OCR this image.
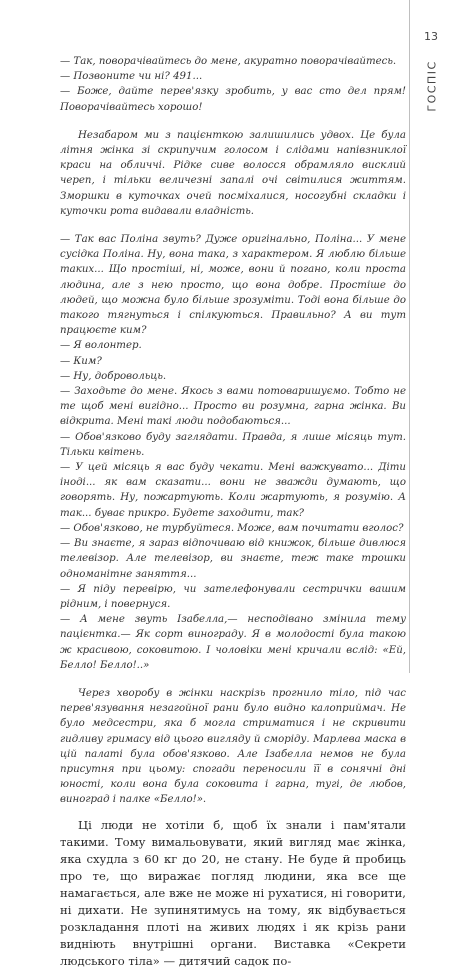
— Так, поворачівайтесь до мене, акуратно поворачівайтесь.

— Позвоните чи ні? 491...

— Боже, дайте перев'язку зробить, у вас сто дел прям! Поворачівайтесь хорошо!

Незабаром ми з пацієнткою залишились удвох. Це була літня жінка зі скрипучим голосом і слідами напівзниклої краси на обличчі. Рідке сиве волосся обрамляло висклий череп, і тільки величезні запалі очі світилися життям. Зморшки в куточках очей посміхалися, носогубні складки і куточки рота видавали владність.

— Так вас Поліна звуть? Дуже оригінально, Поліна... У мене сусідка Поліна. Ну, вона така, з характером. Я люблю більше таких... Що простіші, ні, може, вони й погано, коли проста людина, але з нею просто, що вона добре. Простіше до людей, що можна було більше зрозуміти. Тоді вона більше до такого тягнуться і спілкуються. Правильно? А ви тут працюєте ким?

— Я волонтер.

— Ким?

— Ну, добровольць.

— Заходьте до мене. Якось з вами потоваришуємо. Тобто не те щоб мені вигідно... Просто ви розумна, гарна жінка. Ви відкрита. Мені такі люди подобаються...

— Обов'язково буду заглядати. Правда, я лише місяць тут. Тільки квітень.

— У цей місяць я вас буду чекати. Мені важкувато... Діти іноді... як вам сказати... вони не зважди думають, що говорять. Ну, пожартують. Коли жартують, я розумію. А так... буває прикро. Будете заходити, так?

— Обов'язково, не турбуйтеся. Може, вам почитати вголос?

— Ви знаєте, я зараз відпочиваю від книжок, більше дивлюся телевізор. Але телевізор, ви знаєте, теж таке трошки одноманітне заняття...

— Я піду перевірю, чи зателефонували сестрички вашим рідним, і повернуся.

— А мене звуть Ізабелла,— несподівано змінила тему пацієнтка.— Як сорт винограду. Я в молодості була такою ж красивою, соковитою. І чоловіки мені кричали вслід: «Ей, Белло! Белло!..»

Через хворобу в жінки наскрізь прогнило тіло, під час перев'язування незагойної рани було видно калоприймач. Не було медсестри, яка б могла стриматися і не скривити гидливу гримасу від цього вигляду й сморіду. Марлева маска в цій палаті була обов'язково. Але Ізабелла немов не була присутня при цьому: спогади переносили її в сонячні дні юності, коли вона була соковита і гарна, тугі, де любов, виноград і палке «Белло!».

Ці люди не хотіли б, щоб їх знали і пам'ятали такими. Тому вимальовувати, який вигляд має жінка, яка схудла з 60 кг до 20, не стану. Не буде й пробиць про те, що виражає погляд людини, яка все ще намагається, але вже не може ні рухатися, ні говорити, ні дихати. Не зупинятимусь на тому, як відбувається розкладання плоті на живих людях і як крізь рани видніють внутрішні органи. Виставка «Секрети людського тіла» — дитячий садок по-

13
ГОСПІС
